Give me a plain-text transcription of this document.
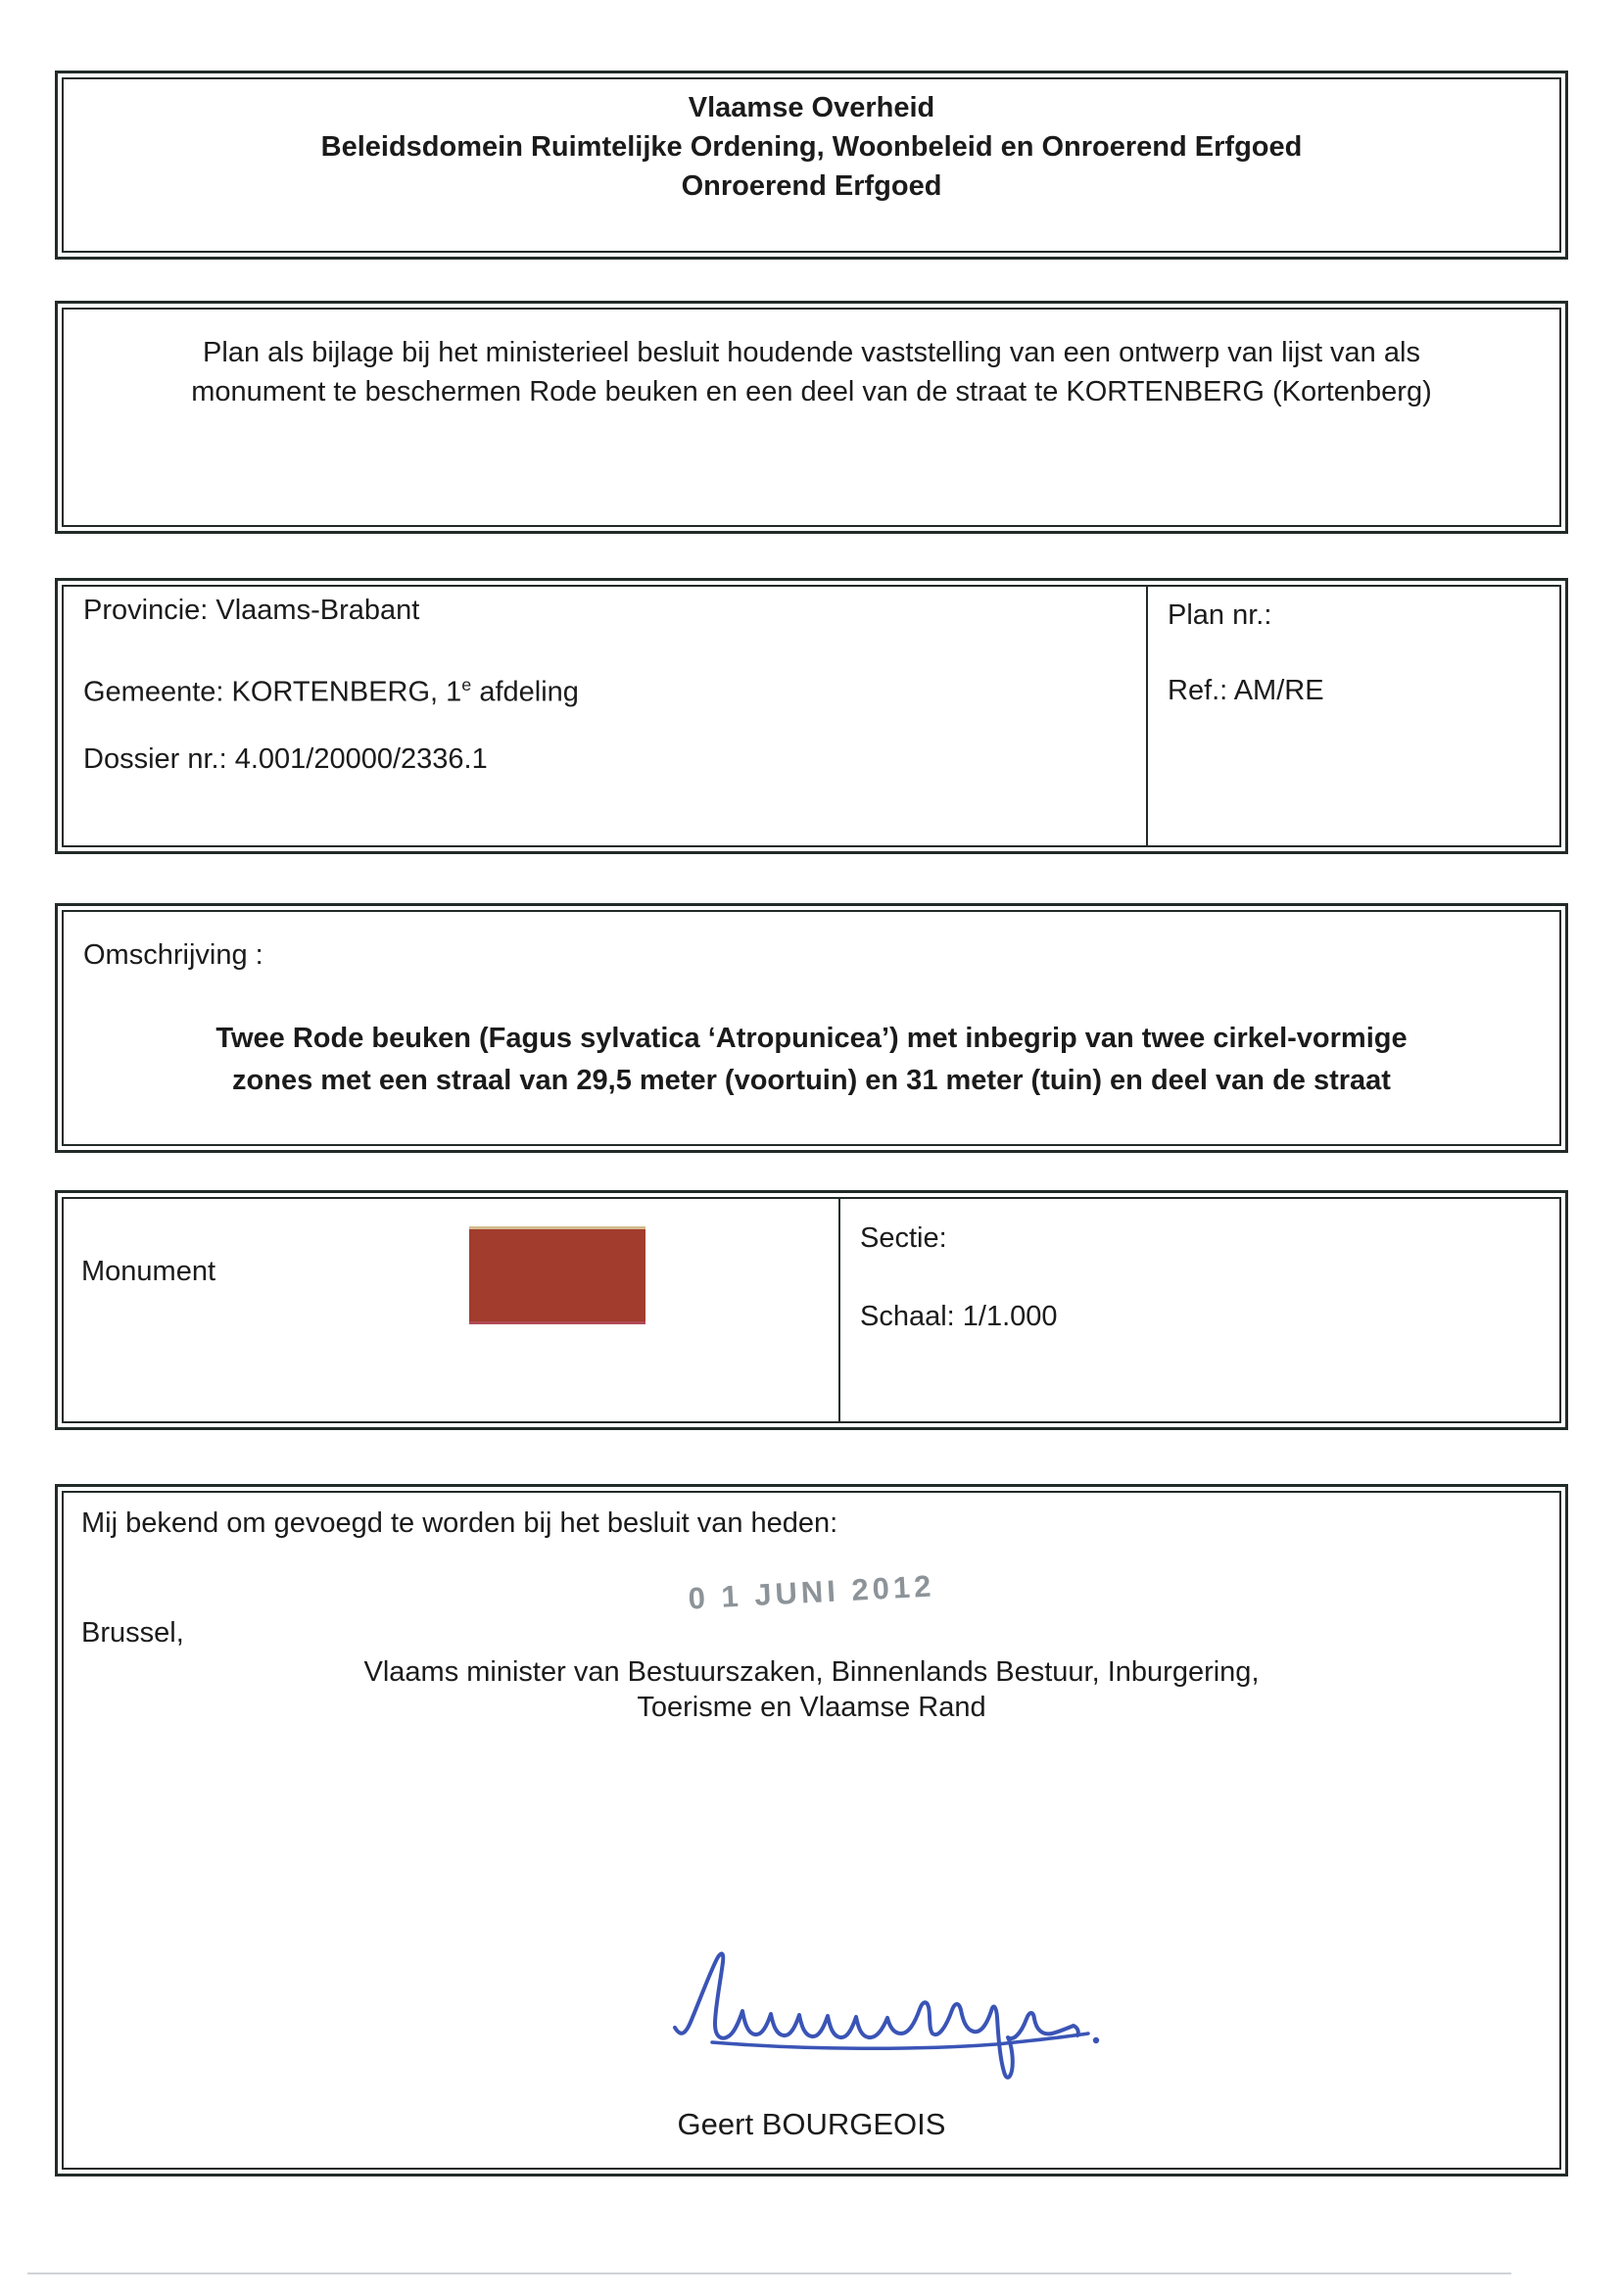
Vlaamse Overheid
Beleidsdomein Ruimtelijke Ordening, Woonbeleid en Onroerend Erfgoed
Onroerend Erfgoed
Plan als bijlage bij het ministerieel besluit houdende vaststelling van een ontwerp van lijst van als
monument te beschermen Rode beuken en een deel van de straat te KORTENBERG (Kortenberg)
Provincie: Vlaams-Brabant
Gemeente: KORTENBERG, 1e afdeling
Dossier nr.: 4.001/20000/2336.1
Plan nr.:
Ref.: AM/RE
Omschrijving :
Twee Rode beuken (Fagus sylvatica ‘Atropunicea’) met inbegrip van twee cirkel-vormige
zones met een straal van 29,5 meter (voortuin) en 31 meter (tuin) en deel van de straat
Monument
Sectie:
Schaal: 1/1.000
Mij bekend om gevoegd te worden bij het besluit van heden:
0 1 JUNI 2012
Brussel,
Vlaams minister van Bestuurszaken, Binnenlands Bestuur, Inburgering,
Toerisme en Vlaamse Rand
Geert BOURGEOIS
